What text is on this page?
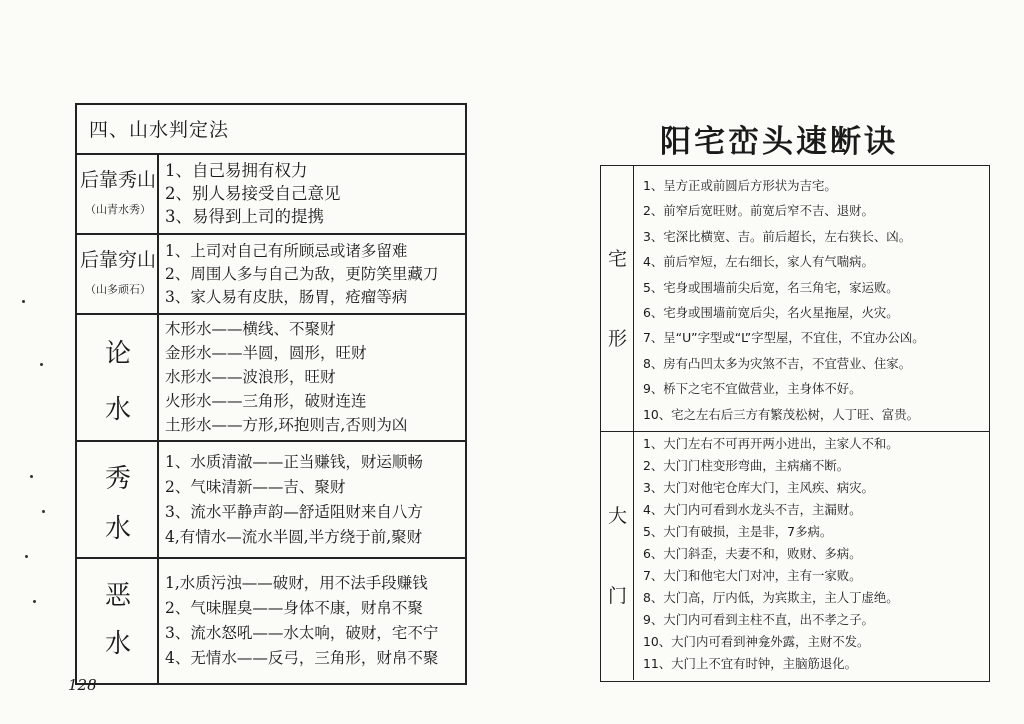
四、山水判定法
后靠秀山
（山青水秀）
1、自己易拥有权力
2、别人易接受自己意见
3、易得到上司的提携
后靠穷山
（山多顽石）
1、上司对自己有所顾忌或诸多留难
2、周围人多与自己为敌，更防笑里藏刀
3、家人易有皮肤，肠胃，疮瘤等病
论
水
木形水——横线、不聚财
金形水——半圆，圆形，旺财
水形水——波浪形，旺财
火形水——三角形，破财连连
土形水——方形,环抱则吉,否则为凶
秀
水
1、水质清澈——正当赚钱，财运顺畅
2、气味清新——吉、聚财
3、流水平静声韵—舒适阻财来自八方
4,有情水—流水半圆,半方绕于前,聚财
恶
水
1,水质污浊——破财，用不法手段赚钱
2、气味腥臭——身体不康，财帛不聚
3、流水怒吼——水太响，破财，宅不宁
4、无情水——反弓，三角形，财帛不聚
128
阳宅峦头速断诀
宅
形
1、呈方正或前圆后方形状为吉宅。
2、前窄后宽旺财。前宽后窄不吉、退财。
3、宅深比横宽、吉。前后超长，左右狭长、凶。
4、前后窄短，左右细长，家人有气喘病。
5、宅身或围墙前尖后宽，名三角宅，家运败。
6、宅身或围墙前宽后尖，名火星拖屋，火灾。
7、呈“U”字型或“L”字型屋，不宜住，不宜办公凶。
8、房有凸凹太多为灾煞不吉，不宜营业、住家。
9、桥下之宅不宜做营业，主身体不好。
10、宅之左右后三方有繁茂松树，人丁旺、富贵。
大
门
1、大门左右不可再开两小进出，主家人不和。
2、大门门柱变形弯曲，主病痛不断。
3、大门对他宅仓库大门，主风疾、病灾。
4、大门内可看到水龙头不吉，主漏财。
5、大门有破损，主是非，7多病。
6、大门斜歪，夫妻不和，败财、多病。
7、大门和他宅大门对冲，主有一家败。
8、大门高，厅内低，为宾欺主，主人丁虚绝。
9、大门内可看到主柱不直，出不孝之子。
10、大门内可看到神龛外露，主财不发。
11、大门上不宜有时钟，主脑筋退化。
